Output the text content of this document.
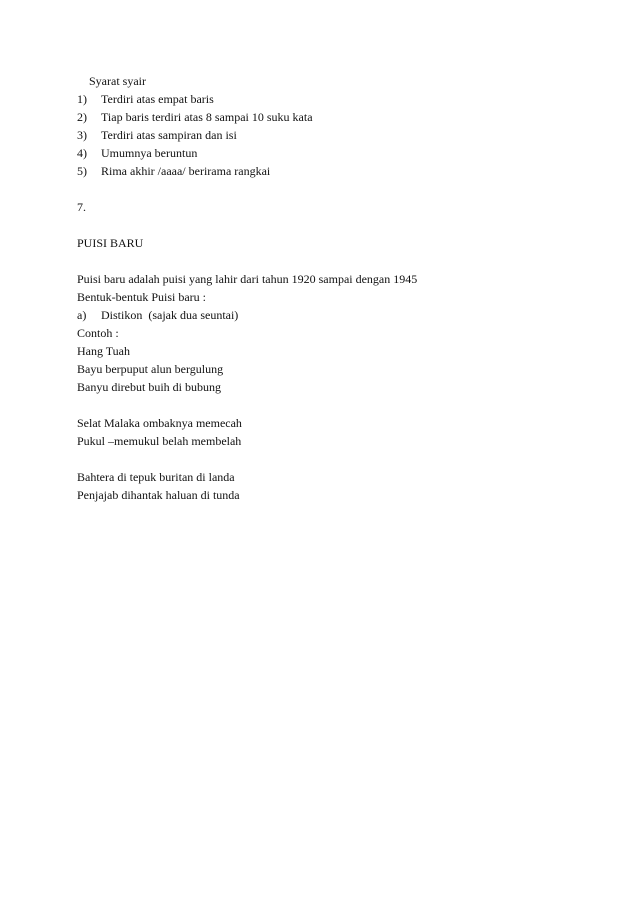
Syarat syair
1)	Terdiri atas empat baris
2)	Tiap baris terdiri atas 8 sampai 10 suku kata
3)	Terdiri atas sampiran dan isi
4)	Umumnya beruntun
5)	Rima akhir /aaaa/ berirama rangkai
7.
PUISI BARU
Puisi baru adalah puisi yang lahir dari tahun 1920 sampai dengan 1945
Bentuk-bentuk Puisi baru :
a)	Distikon  (sajak dua seuntai)
Contoh :
Hang Tuah
Bayu berpuput alun bergulung
Banyu direbut buih di bubung
Selat Malaka ombaknya memecah
Pukul –memukul belah membelah
Bahtera di tepuk buritan di landa
Penjajab dihantak haluan di tunda
